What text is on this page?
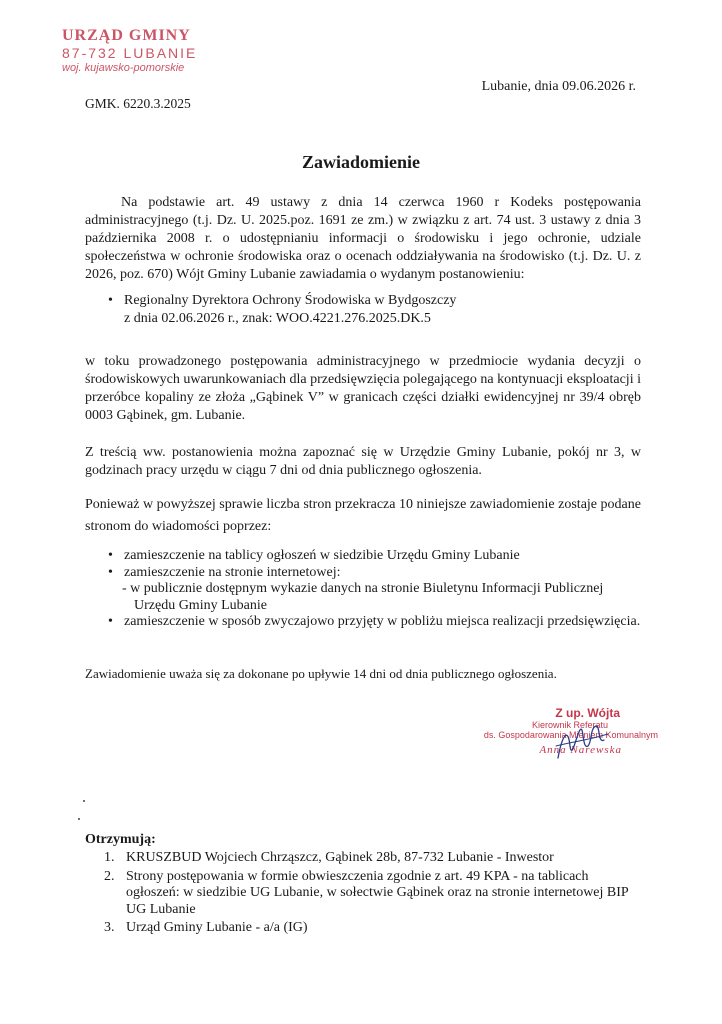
URZĄD GMINY
87-732 LUBANIE
woj. kujawsko-pomorskie
Lubanie, dnia 09.06.2026 r.
GMK. 6220.3.2025
Zawiadomienie
Na podstawie art. 49 ustawy z dnia 14 czerwca 1960 r Kodeks postępowania administracyjnego (t.j. Dz. U. 2025.poz. 1691 ze zm.) w związku z art. 74 ust. 3 ustawy z dnia 3 października 2008 r. o udostępnianiu informacji o środowisku i jego ochronie, udziale społeczeństwa w ochronie środowiska oraz o ocenach oddziaływania na środowisko (t.j. Dz. U. z 2026, poz. 670) Wójt Gminy Lubanie zawiadamia o wydanym postanowieniu:
• Regionalny Dyrektora Ochrony Środowiska w Bydgoszczy
z dnia 02.06.2026 r., znak: WOO.4221.276.2025.DK.5
w toku prowadzonego postępowania administracyjnego w przedmiocie wydania decyzji o środowiskowych uwarunkowaniach dla przedsięwzięcia polegającego na kontynuacji eksploatacji i przeróbce kopaliny ze złoża „Gąbinek V” w granicach części działki ewidencyjnej nr 39/4 obręb 0003 Gąbinek, gm. Lubanie.
Z treścią ww. postanowienia można zapoznać się w Urzędzie Gminy Lubanie, pokój nr 3, w godzinach pracy urzędu w ciągu 7 dni od dnia publicznego ogłoszenia.
Ponieważ w powyższej sprawie liczba stron przekracza 10 niniejsze zawiadomienie zostaje podane stronom do wiadomości poprzez:
• zamieszczenie na tablicy ogłoszeń w siedzibie Urzędu Gminy Lubanie
• zamieszczenie na stronie internetowej:
- w publicznie dostępnym wykazie danych na stronie Biuletynu Informacji Publicznej
Urzędu Gminy Lubanie
• zamieszczenie w sposób zwyczajowo przyjęty w pobliżu miejsca realizacji przedsięwzięcia.
Zawiadomienie uważa się za dokonane po upływie 14 dni od dnia publicznego ogłoszenia.
Z up. Wójta
Kierownik Referatu
ds. Gospodarowania Mieniem Komunalnym
Anna Narewska
Otrzymują:
1. KRUSZBUD Wojciech Chrząszcz, Gąbinek 28b, 87-732 Lubanie - Inwestor
2. Strony postępowania w formie obwieszczenia zgodnie z art. 49 KPA - na tablicach ogłoszeń: w siedzibie UG Lubanie, w sołectwie Gąbinek oraz na stronie internetowej BIP UG Lubanie
3. Urząd Gminy Lubanie - a/a (IG)
